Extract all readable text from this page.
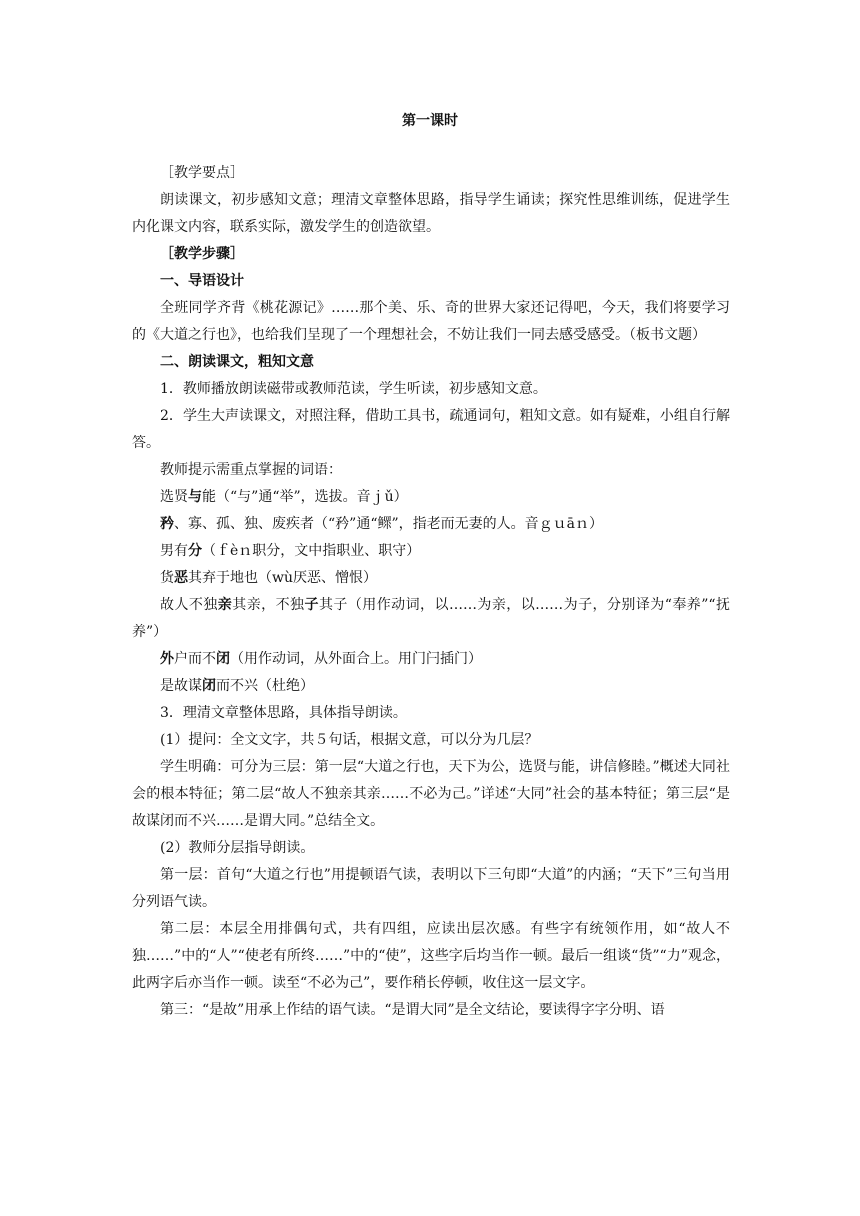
第一课时

［教学要点］

朗读课文，初步感知文意；理清文章整体思路，指导学生诵读；探究性思维训练，促进学生内化课文内容，联系实际，激发学生的创造欲望。

［教学步骤］

一、导语设计

全班同学齐背《桃花源记》……那个美、乐、奇的世界大家还记得吧，今天，我们将要学习的《大道之行也》，也给我们呈现了一个理想社会，不妨让我们一同去感受感受。（板书文题）

二、朗读课文，粗知文意

1．教师播放朗读磁带或教师范读，学生听读，初步感知文意。

2．学生大声读课文，对照注释，借助工具书，疏通词句，粗知文意。如有疑难，小组自行解答。

教师提示需重点掌握的词语：

选贤与能（“与”通“举”，选拔。音ｊǔ）

矜、寡、孤、独、废疾者（“矜”通“鳏”，指老而无妻的人。音ｇｕāｎ）

男有分（ｆèｎ职分，文中指职业、职守）

货恶其弃于地也（wù厌恶、憎恨）

故人不独亲其亲，不独子其子（用作动词，以……为亲，以……为子，分别译为“奉养”“抚养”）

外户而不闭（用作动词，从外面合上。用门闩插门）

是故谋闭而不兴（杜绝）

3．理清文章整体思路，具体指导朗读。

(1）提问：全文文字，共５句话，根据文意，可以分为几层？

学生明确：可分为三层：第一层“大道之行也，天下为公，选贤与能，讲信修睦。”概述大同社会的根本特征；第二层“故人不独亲其亲……不必为己。”详述“大同”社会的基本特征；第三层“是故谋闭而不兴……是谓大同。”总结全文。

(2）教师分层指导朗读。

第一层：首句“大道之行也”用提顿语气读，表明以下三句即“大道”的内涵；“天下”三句当用分列语气读。

第二层：本层全用排偶句式，共有四组，应读出层次感。有些字有统领作用，如“故人不独……”中的“人”“使老有所终……”中的“使”，这些字后均当作一顿。最后一组谈“货”“力”观念，此两字后亦当作一顿。读至“不必为己”，要作稍长停顿，收住这一层文字。

第三：“是故”用承上作结的语气读。“是谓大同”是全文结论，要读得字字分明、语
